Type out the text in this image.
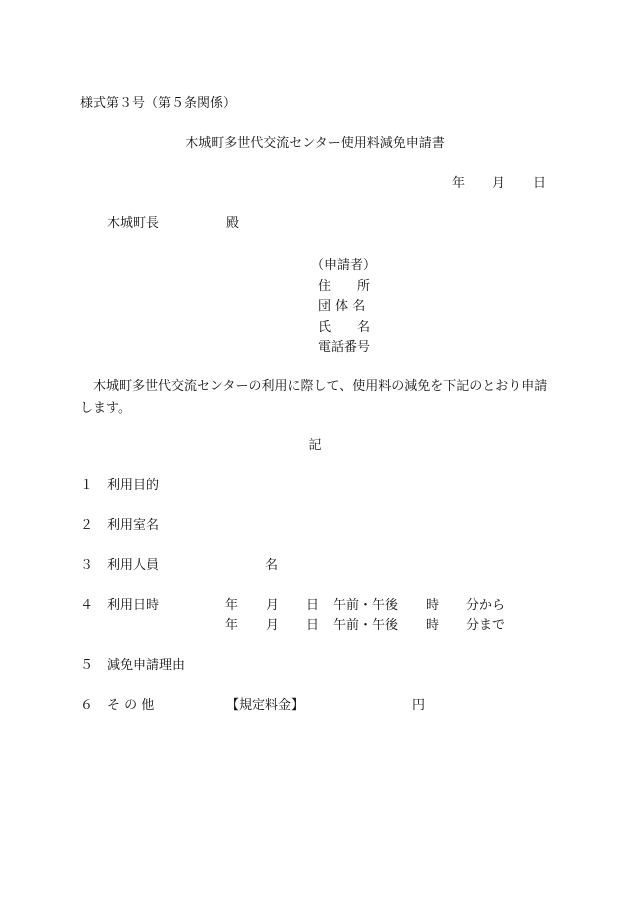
様式第３号（第５条関係）
木城町多世代交流センター使用料減免申請書
年 月 日
木城町長	殿
（申請者）
住　　所
団 体 名
氏　　名
電話番号
木城町多世代交流センターの利用に際して、使用料の減免を下記のとおり申請します。
記
１ 利用目的
２ 利用室名
３ 利用人員	名
４ 利用日時	年 月 日 午前・午後 時 分から
年 月 日 午前・午後 時 分まで
５ 減免申請理由
６ そ の 他	【規定料金】	円
